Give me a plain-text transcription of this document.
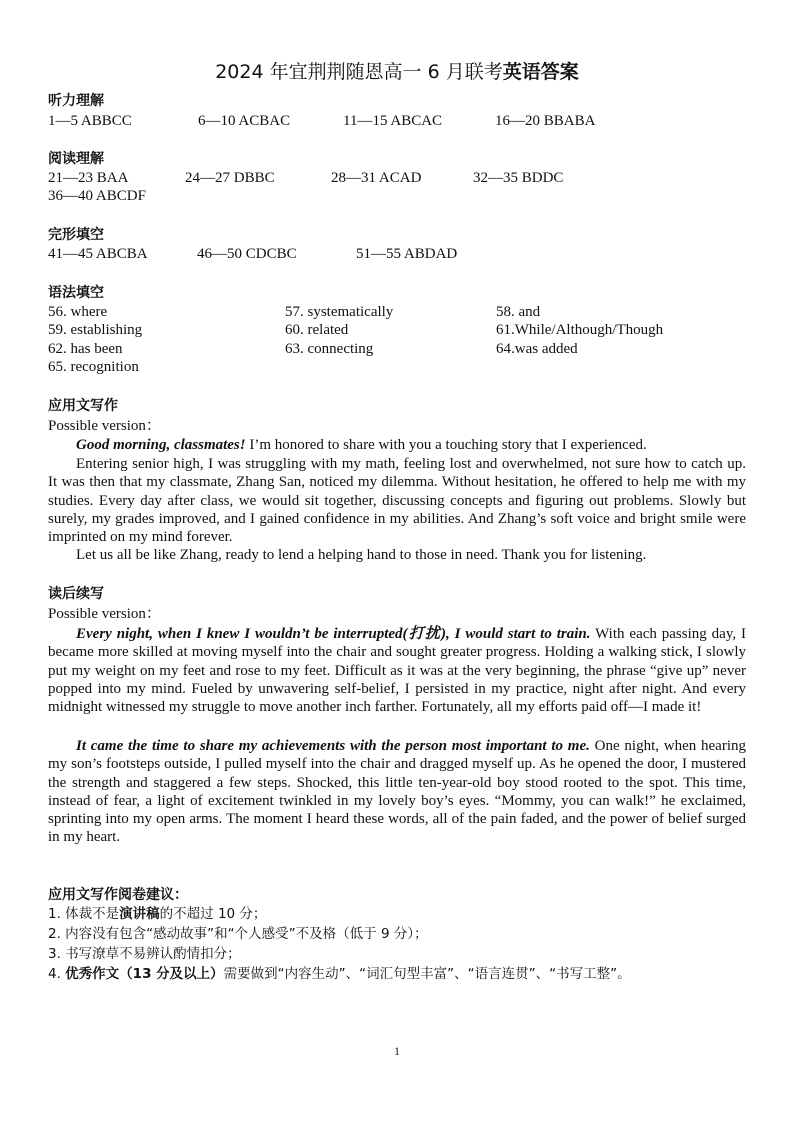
2024 年宜荆荆随恩高一 6 月联考英语答案
听力理解
1—5 ABBCC	6—10 ACBAC	11—15 ABCAC	16—20 BBABA
阅读理解
21—23 BAA	24—27 DBBC	28—31 ACAD	32—35 BDDC
36—40 ABCDF
完形填空
41—45 ABCBA	46—50 CDCBC	51—55 ABDAD
语法填空
56. where	57. systematically	58. and
59. establishing	60. related	61.While/Although/Though
62. has been	63. connecting	64.was added
65. recognition
应用文写作
Possible version：

Good morning, classmates! I’m honored to share with you a touching story that I experienced.

Entering senior high, I was struggling with my math, feeling lost and overwhelmed, not sure how to catch up. It was then that my classmate, Zhang San, noticed my dilemma. Without hesitation, he offered to help me with my studies. Every day after class, we would sit together, discussing concepts and figuring out problems. Slowly but surely, my grades improved, and I gained confidence in my abilities. And Zhang’s soft voice and bright smile were imprinted on my mind forever.

Let us all be like Zhang, ready to lend a helping hand to those in need. Thank you for listening.

读后续写
Possible version：

Every night, when I knew I wouldn’t be interrupted(打扰), I would start to train. With each passing day, I became more skilled at moving myself into the chair and sought greater progress. Holding a walking stick, I slowly put my weight on my feet and rose to my feet. Difficult as it was at the very beginning, the phrase “give up” never popped into my mind. Fueled by unwavering self-belief, I persisted in my practice, night after night. And every midnight witnessed my struggle to move another inch farther. Fortunately, all my efforts paid off—I made it!

It came the time to share my achievements with the person most important to me. One night, when hearing my son’s footsteps outside, I pulled myself into the chair and dragged myself up. As he opened the door, I mustered the strength and staggered a few steps. Shocked, this little ten-year-old boy stood rooted to the spot. This time, instead of fear, a light of excitement twinkled in my lovely boy’s eyes. “Mommy, you can walk!” he exclaimed, sprinting into my open arms. The moment I heard these words, all of the pain faded, and the power of belief surged in my heart.

应用文写作阅卷建议：
1. 体裁不是演讲稿的不超过 10 分；
2. 内容没有包含“感动故事”和“个人感受”不及格（低于 9 分）；
3. 书写潦草不易辨认酌情扣分；
4. 优秀作文（13 分及以上）需要做到“内容生动”、“词汇句型丰富”、“语言连贯”、“书写工整”。
1
